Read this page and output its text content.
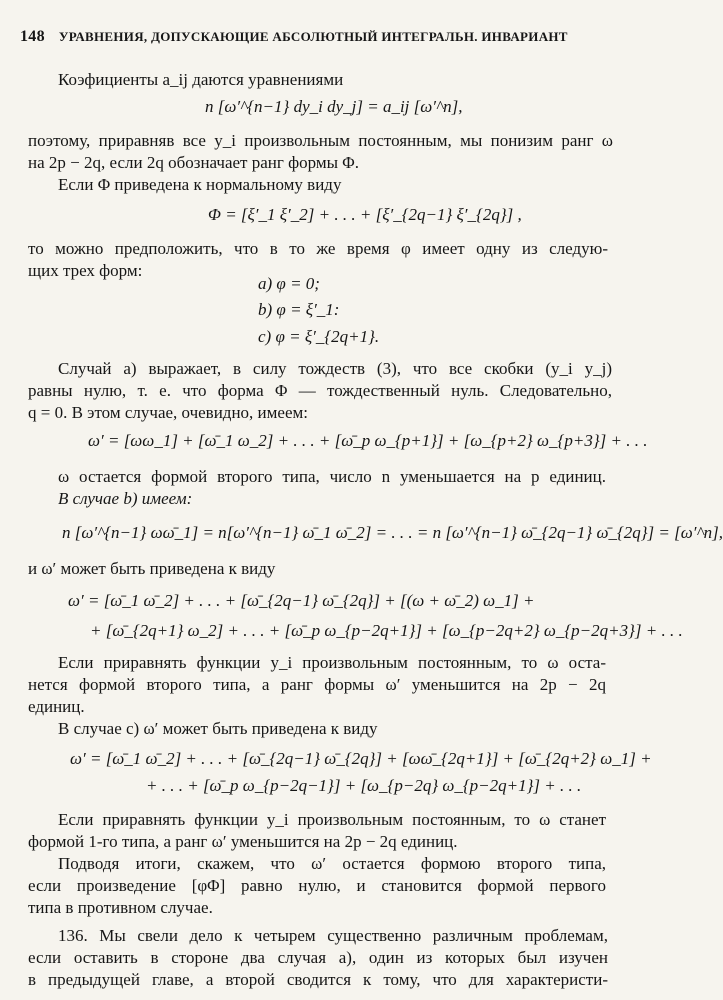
148 УРАВНЕНИЯ, ДОПУСКАЮЩИЕ АБСОЛЮТНЫЙ ИНТЕГРАЛЬН. ИНВАРИАНТ
Коэфициенты a_ij даются уравнениями
n [ω′^{n−1} dy_i dy_j] = a_ij [ω′^n],
поэтому, приравняв все y_i произвольным постоянным, мы понизим ранг ω
на 2p − 2q, если 2q обозначает ранг формы Φ.
Если Φ приведена к нормальному виду
Φ = [ξ′_1 ξ′_2] + . . . + [ξ′_{2q−1} ξ′_{2q}] ,
то можно предположить, что в то же время φ имеет одну из следую-
щих трех форм:
a) φ = 0;
b) φ = ξ′_1:
c) φ = ξ′_{2q+1}.
Случай a) выражает, в силу тождеств (3), что все скобки (y_i y_j)
равны нулю, т. е. что форма Φ — тождественный нуль. Следовательно,
q = 0. В этом случае, очевидно, имеем:
ω′ = [ωω_1] + [ω̄_1 ω_2] + . . . + [ω̄_p ω_{p+1}] + [ω_{p+2} ω_{p+3}] + . . .
ω остается формой второго типа, число n уменьшается на p единиц.
В случае b) имеем:
n [ω′^{n−1} ωω̄_1] = n[ω′^{n−1} ω̄_1 ω̄_2] = . . . = n [ω′^{n−1} ω̄_{2q−1} ω̄_{2q}] = [ω′^n],
и ω′ может быть приведена к виду
ω′ = [ω̄_1 ω̄_2] + . . . + [ω̄_{2q−1} ω̄_{2q}] + [(ω + ω̄_2) ω_1] +
+ [ω̄_{2q+1} ω_2] + . . . + [ω̄_p ω_{p−2q+1}] + [ω_{p−2q+2} ω_{p−2q+3}] + . . .
Если приравнять функции y_i произвольным постоянным, то ω оста-
нется формой второго типа, а ранг формы ω′ уменьшится на 2p − 2q
единиц.
В случае c) ω′ может быть приведена к виду
ω′ = [ω̄_1 ω̄_2] + . . . + [ω̄_{2q−1} ω̄_{2q}] + [ωω̄_{2q+1}] + [ω̄_{2q+2} ω_1] +
+ . . . + [ω̄_p ω_{p−2q−1}] + [ω_{p−2q} ω_{p−2q+1}] + . . .
Если приравнять функции y_i произвольным постоянным, то ω станет
формой 1-го типа, а ранг ω′ уменьшится на 2p − 2q единиц.
Подводя итоги, скажем, что ω′ остается формою второго типа,
если произведение [φΦ] равно нулю, и становится формой первого
типа в противном случае.
136. Мы свели дело к четырем существенно различным проблемам,
если оставить в стороне два случая a), один из которых был изучен
в предыдущей главе, а второй сводится к тому, что для характеристи-
